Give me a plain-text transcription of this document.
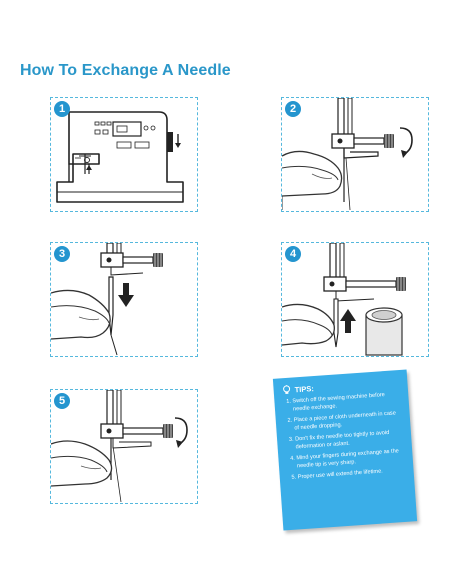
How To Exchange A Needle
1	2
3	4
5
TIPS:
1. Switch off the sewing machine before needle exchange.
2. Place a piece of cloth underneath in case of needle dropping.
3. Don't fix the needle too tightly to avoid deformation or aslant.
4. Mind your fingers during exchange as the needle tip is very sharp.
5. Proper use will extend the lifetime.
